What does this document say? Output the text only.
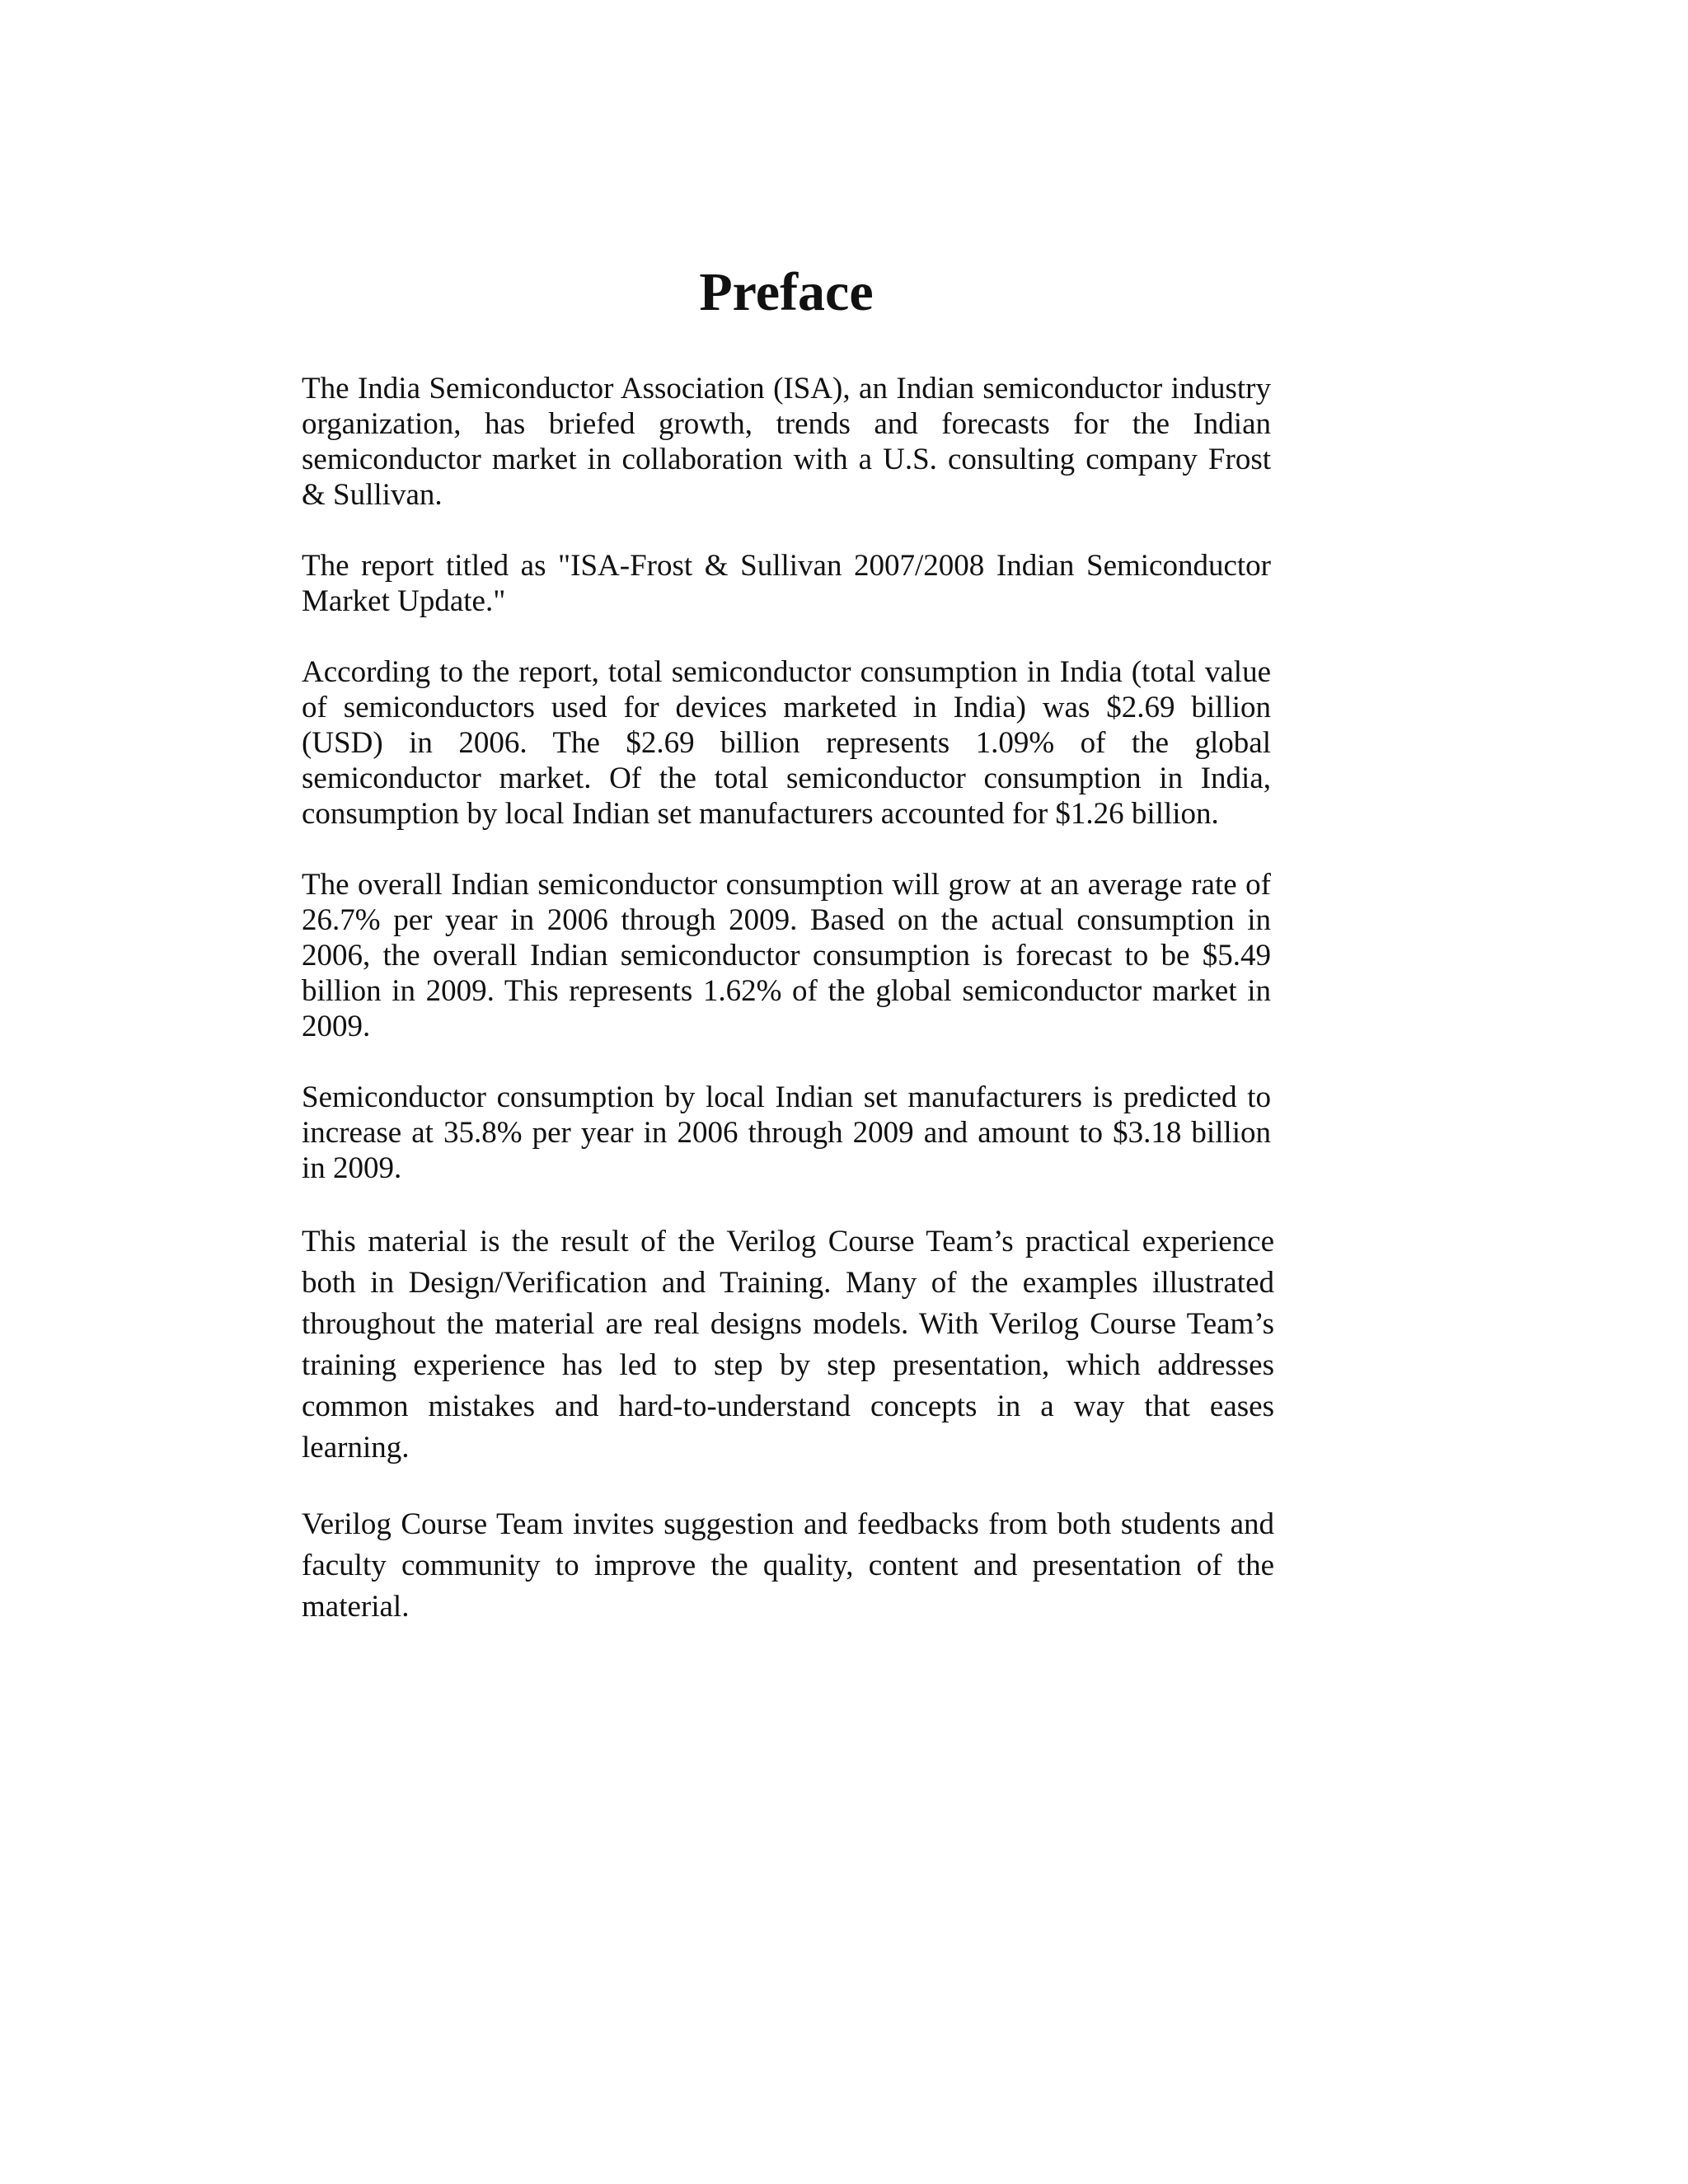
Preface

The India Semiconductor Association (ISA), an Indian semiconductor industry organization, has briefed growth, trends and forecasts for the Indian semiconductor market in collaboration with a U.S. consulting company Frost & Sullivan.

The report titled as "ISA-Frost & Sullivan 2007/2008 Indian Semiconductor Market Update."

According to the report, total semiconductor consumption in India (total value of semiconductors used for devices marketed in India) was $2.69 billion (USD) in 2006. The $2.69 billion represents 1.09% of the global semiconductor market. Of the total semiconductor consumption in India, consumption by local Indian set manufacturers accounted for $1.26 billion.

The overall Indian semiconductor consumption will grow at an average rate of 26.7% per year in 2006 through 2009. Based on the actual consumption in 2006, the overall Indian semiconductor consumption is forecast to be $5.49 billion in 2009. This represents 1.62% of the global semiconductor market in 2009.

Semiconductor consumption by local Indian set manufacturers is predicted to increase at 35.8% per year in 2006 through 2009 and amount to $3.18 billion in 2009.

This material is the result of the Verilog Course Team’s practical experience both in Design/Verification and Training. Many of the examples illustrated throughout the material are real designs models. With Verilog Course Team’s training experience has led to step by step presentation, which addresses common mistakes and hard-to-understand concepts in a way that eases learning.

Verilog Course Team invites suggestion and feedbacks from both students and faculty community to improve the quality, content and presentation of the material.
